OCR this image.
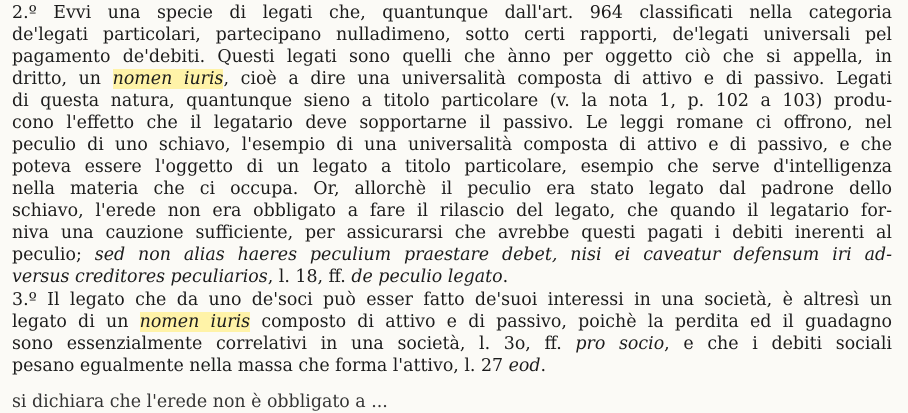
2.º Evvi una specie di legati che, quantunque dall'art. 964 classificati nella categoria
de'legati particolari, partecipano nulladimeno, sotto certi rapporti, de'legati universali pel
pagamento de'debiti. Questi legati sono quelli che ànno per oggetto ciò che si appella, in
dritto, un nomen iuris, cioè a dire una universalità composta di attivo e di passivo. Legati
di questa natura, quantunque sieno a titolo particolare (v. la nota 1, p. 102 a 103) produ-
cono l'effetto che il legatario deve sopportarne il passivo. Le leggi romane ci offrono, nel
peculio di uno schiavo, l'esempio di una universalità composta di attivo e di passivo, e che
poteva essere l'oggetto di un legato a titolo particolare, esempio che serve d'intelligenza
nella materia che ci occupa. Or, allorchè il peculio era stato legato dal padrone dello
schiavo, l'erede non era obbligato a fare il rilascio del legato, che quando il legatario for-
niva una cauzione sufficiente, per assicurarsi che avrebbe questi pagati i debiti inerenti al
peculio; sed non alias haeres peculium praestare debet, nisi ei caveatur defensum iri ad-
versus creditores peculiarios, l. 18, ff. de peculio legato.
3.º Il legato che da uno de'soci può esser fatto de'suoi interessi in una società, è altresì un
legato di un nomen iuris composto di attivo e di passivo, poichè la perdita ed il guadagno
sono essenzialmente correlativi in una società, l. 3o, ff. pro socio, e che i debiti sociali
pesano egualmente nella massa che forma l'attivo, l. 27 eod.
si dichiara che l'erede non è obbligato a ...
